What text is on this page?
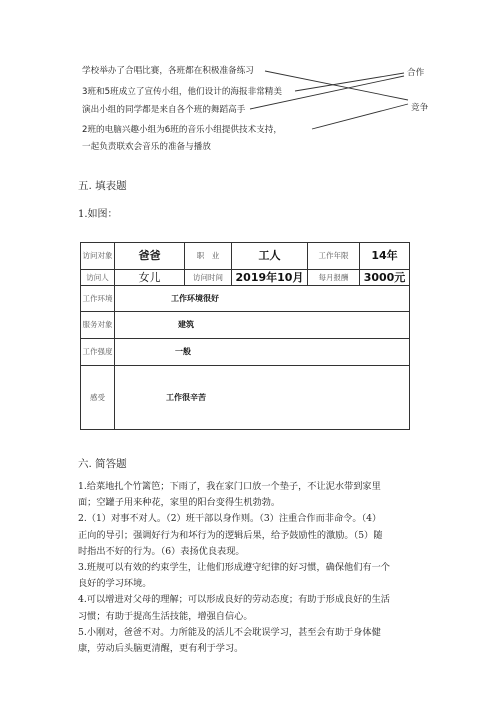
学校举办了合唱比赛，各班都在积极准备练习
3班和5班成立了宣传小组，他们设计的海报非常精美
演出小组的同学都是来自各个班的舞蹈高手
2班的电脑兴趣小组为6班的音乐小组提供技术支持，
一起负责联欢会音乐的准备与播放
合作
竞争
五. 填表题
1.如图：
访问对象	爸爸	职　业	工人	工作年限	14年
访问人	女儿	访问时间	2019年10月	每月报酬	3000元
工作环境	工作环境很好				
服务对象	建筑				
工作强度	一般				
感受	工作很辛苦				
六. 简答题
1.给菜地扎个竹篱笆；下雨了，我在家门口放一个垫子，不让泥水带到家里
面；空罐子用来种花，家里的阳台变得生机勃勃。
2.（1）对事不对人。（2）班干部以身作则。（3）注重合作而非命令。（4）
正向的导引；强调好行为和坏行为的逻辑后果，给予鼓励性的激励。（5）随
时指出不好的行为。（6）表扬优良表现。
3.班规可以有效的约束学生，让他们形成遵守纪律的好习惯，确保他们有一个
良好的学习环境。
4.可以增进对父母的理解；可以形成良好的劳动态度；有助于形成良好的生活
习惯；有助于提高生活技能，增强自信心。
5.小刚对，爸爸不对。力所能及的活儿不会耽误学习，甚至会有助于身体健
康，劳动后头脑更清醒，更有利于学习。
